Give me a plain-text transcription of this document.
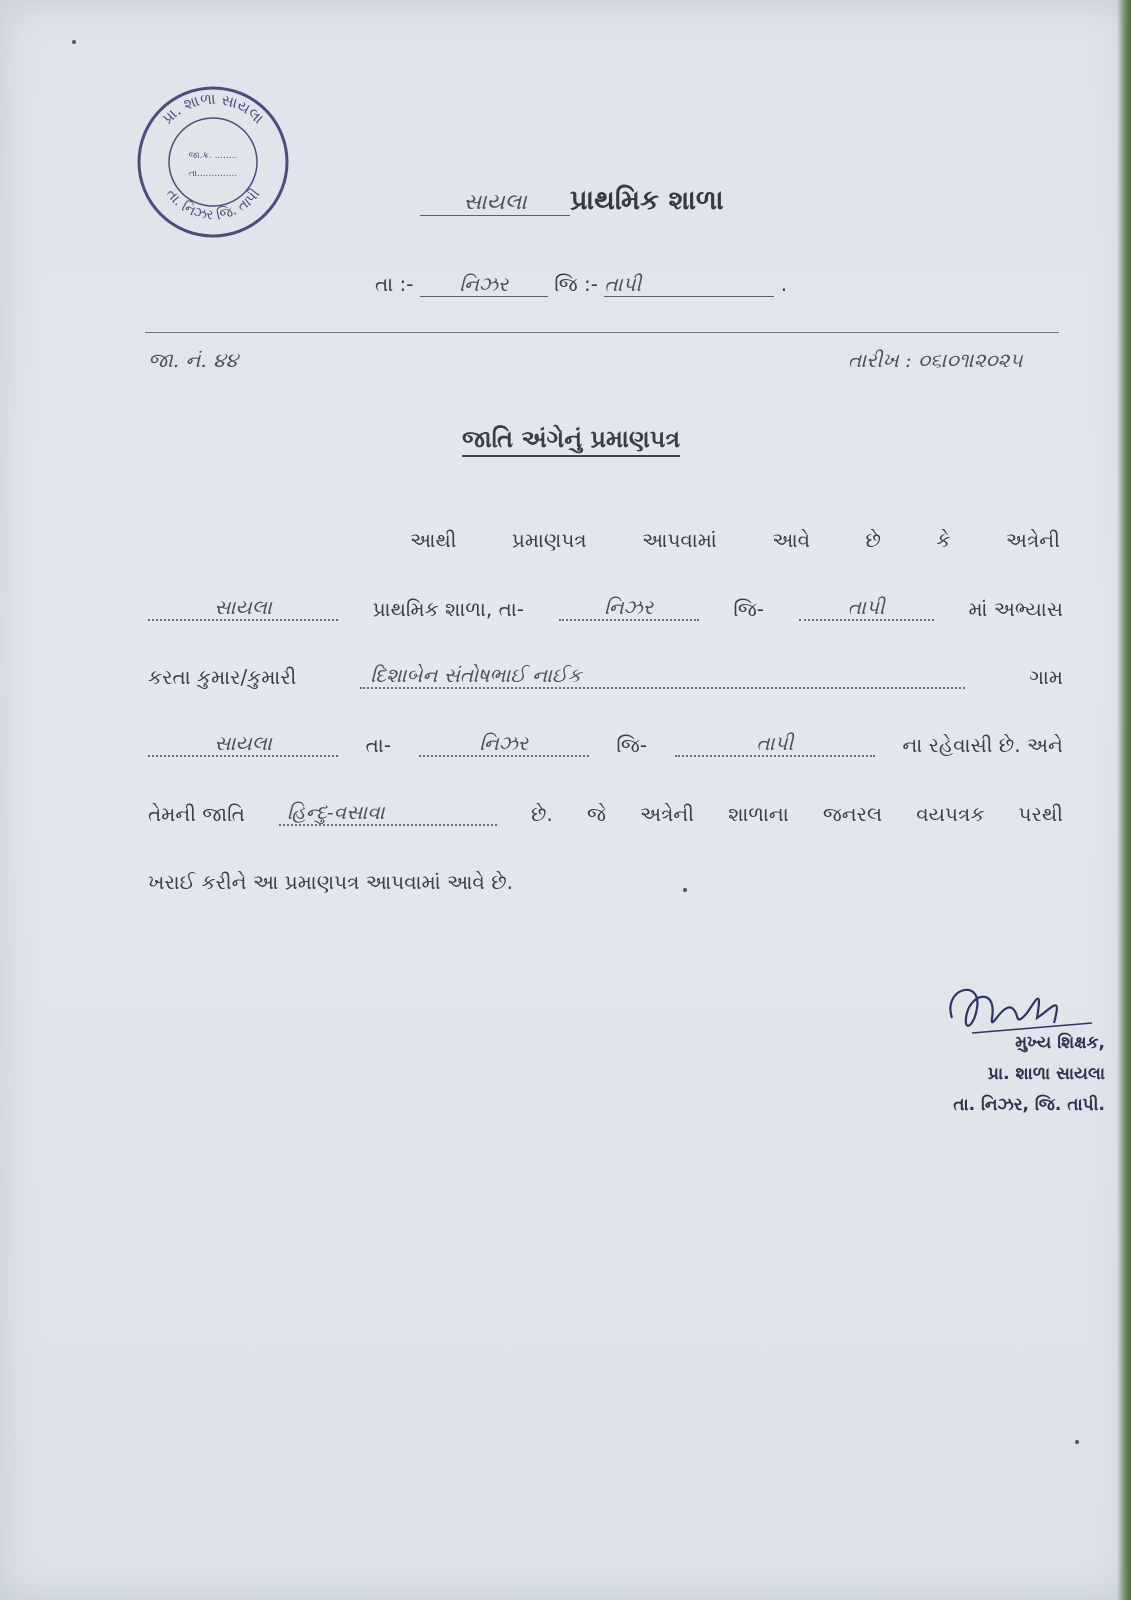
પ્રા. શાળા સાયલા
તા. નિઝર જિ. તાપી
જા.ક્ર. ........
તા..............
સાયલા પ્રાથમિક શાળા
તા :- નિઝર જિ :- તાપી	.
જા. નં. ૪૪	તારીખ : ૦૬।૦૧।૨૦૨૫
જાતિ અંગેનું પ્રમાણપત્ર
આથી	પ્રમાણપત્ર	આપવામાં	આવે	છે	કે	અત્રેની
સાયલા	પ્રાથમિક શાળા, તા-	નિઝર	જિ-	તાપી	માં અભ્યાસ
કરતા કુમાર/કુમારી	દિશાબેન સંતોષભાઈ નાઈક	ગામ
સાયલા	તા-	નિઝર	જિ-	તાપી	ના રહેવાસી છે. અને
તેમની જાતિ	હિન્દુ-વસાવા	છે. જે અત્રેની શાળાના જનરલ વયપત્રક પરથી
ખરાઈ કરીને આ પ્રમાણપત્ર આપવામાં આવે છે.
મુખ્ય શિક્ષક,
પ્રા. શાળા સાયલા
તા. નિઝર, જિ. તાપી.
